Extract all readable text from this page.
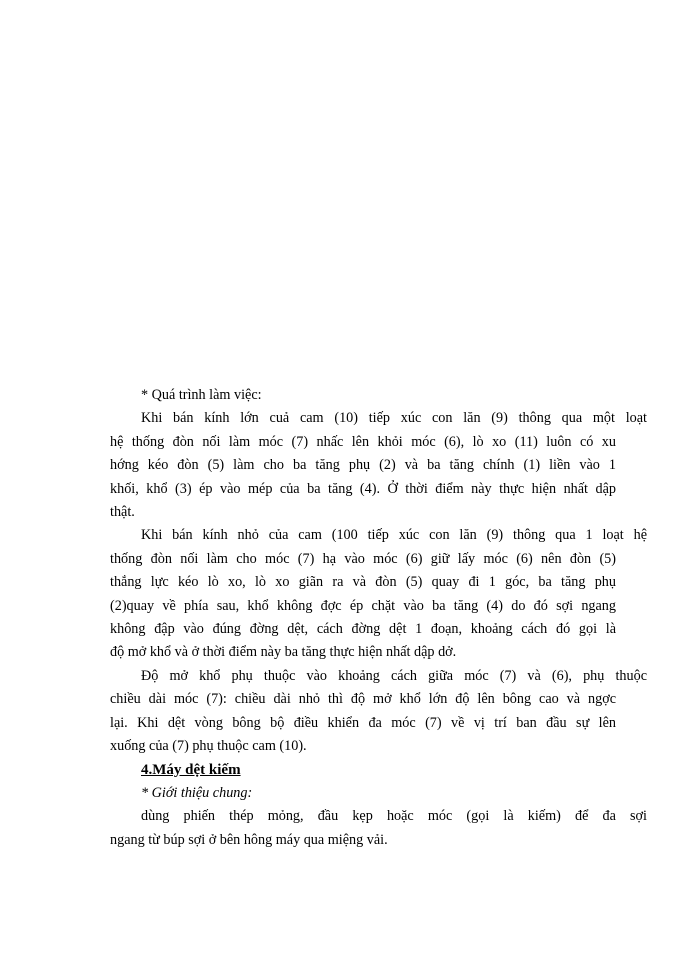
* Quá trình làm việc:
Khi bán kính lớn cuả cam (10) tiếp xúc con lăn (9) thông qua một loạt
hệ thống đòn nối làm móc (7) nhấc lên khỏi móc (6), lò xo (11) luôn có xu
hớng kéo đòn (5) làm cho ba tăng phụ (2) và ba tăng chính (1) liền vào 1
khối, khổ (3) ép vào mép của ba tăng (4). Ở thời điểm này thực hiện nhất dập
thật.
Khi bán kính nhỏ của cam (100 tiếp xúc con lăn (9) thông qua 1 loạt hệ
thống đòn nối làm cho móc (7) hạ vào móc (6) giữ lấy móc (6) nên đòn (5)
thắng lực kéo lò xo, lò xo giãn ra và đòn (5) quay đi 1 góc, ba tăng phụ
(2)quay về phía sau, khổ không đợc ép chặt vào ba tăng (4) do đó sợi ngang
không đập vào đúng đờng dệt, cách đờng dệt 1 đoạn, khoảng cách đó gọi là
độ mở khổ và ở thời điểm này ba tăng thực hiện nhất dập dở.
Độ mở khổ phụ thuộc vào khoảng cách giữa móc (7) và (6), phụ thuộc
chiều dài móc (7): chiều dài nhỏ thì độ mở khổ lớn độ lên bông cao và ngợc
lại. Khi dệt vòng bông bộ điều khiển đa móc (7) về vị trí ban đầu sự lên
xuống của (7) phụ thuộc cam (10).
4.Máy dệt kiếm
* Giới thiệu chung:
dùng phiến thép mỏng, đầu kẹp hoặc móc (gọi là kiếm) để đa sợi
ngang từ búp sợi ở bên hông máy qua miệng vải.
